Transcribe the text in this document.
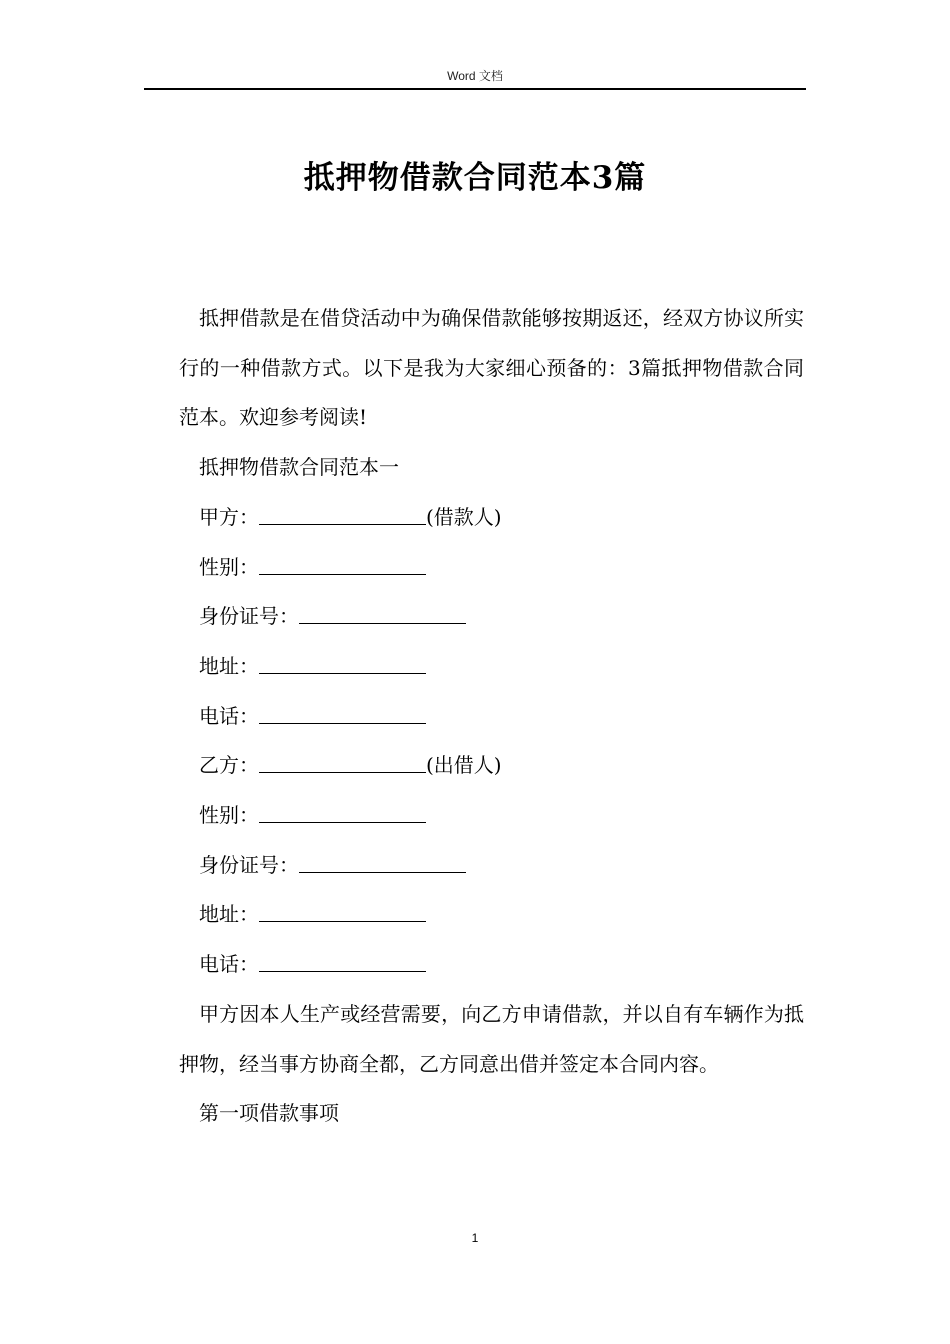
Word 文档
抵押物借款合同范本3篇

抵押借款是在借贷活动中为确保借款能够按期返还，经双方协议所实行的一种借款方式。以下是我为大家细心预备的：3篇抵押物借款合同范本。欢迎参考阅读!

抵押物借款合同范本一

甲方：	(借款人)

性别：

身份证号：

地址：

电话：

乙方：	(出借人)

性别：

身份证号：

地址：

电话：

甲方因本人生产或经营需要，向乙方申请借款，并以自有车辆作为抵押物，经当事方协商全都，乙方同意出借并签定本合同内容。

第一项借款事项

1
